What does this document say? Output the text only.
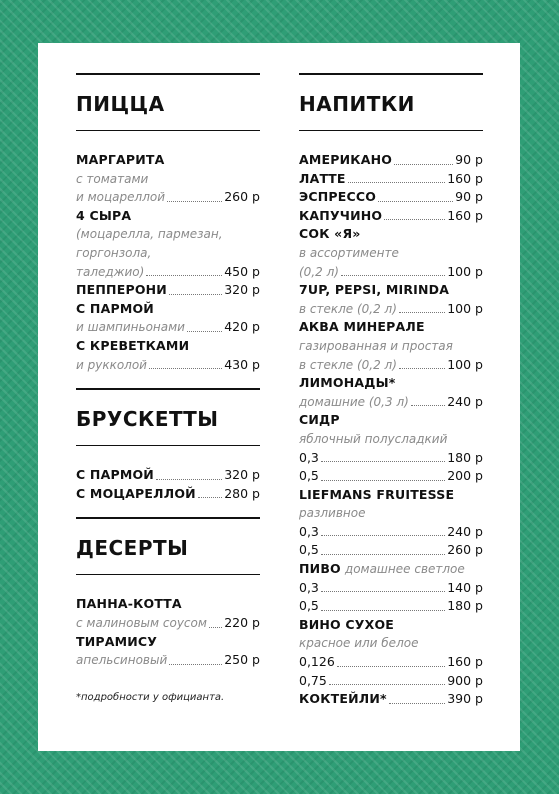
ПИЦЦА
МАРГАРИТА
с томатами
и моцареллой	260 р
4 СЫРА
(моцарелла, пармезан,
горгонзола,
таледжио)	450 р
ПЕППЕРОНИ	320 р
С ПАРМОЙ
и шампиньонами	420 р
С КРЕВЕТКАМИ
и рукколой	430 р
БРУСКЕТТЫ
С ПАРМОЙ	320 р
С МОЦАРЕЛЛОЙ 280 р
ДЕСЕРТЫ
ПАННА-КОТТА
с малиновым соусом 220 р
ТИРАМИСУ
апельсиновый	250 р
*подробности у официанта.
НАПИТКИ
АМЕРИКАНО	90 р
ЛАТТЕ	160 р
ЭСПРЕССО	90 р
КАПУЧИНО	160 р
СОК «Я»
в ассортименте
(0,2 л)	100 р
7UP, PEPSI, MIRINDA
в стекле (0,2 л)	100 р
АКВА МИНЕРАЛЕ
газированная и простая
в стекле (0,2 л)	100 р
ЛИМОНАДЫ*
домашние (0,3 л)	240 р
СИДР
яблочный полусладкий
0,3	180 р
0,5	200 р
LIEFMANS FRUITESSE
разливное
0,3	240 р
0,5	260 р
ПИВО домашнее светлое
0,3	140 р
0,5	180 р
ВИНО СУХОЕ
красное или белое
0,126	160 р
0,75	900 р
КОКТЕЙЛИ*	390 р
